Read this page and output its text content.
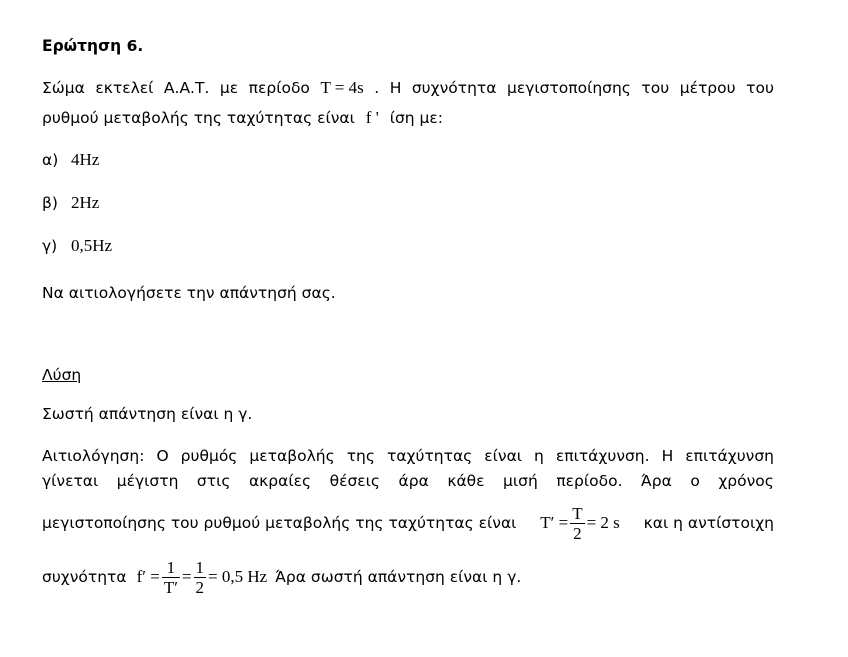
Ερώτηση 6.
Σώμα εκτελεί Α.Α.Τ. με περίοδο T = 4s . Η συχνότητα μεγιστοποίησης του μέτρου του
ρυθμού μεταβολής της ταχύτητας είναι f ' ίση με:
α) 4Hz
β) 2Hz
γ) 0,5Hz
Να αιτιολογήσετε την απάντησή σας.
Λύση
Σωστή απάντηση είναι η γ.
Αιτιολόγηση: Ο ρυθμός μεταβολής της ταχύτητας είναι η επιτάχυνση. Η επιτάχυνση
γίνεται μέγιστη στις ακραίες θέσεις άρα κάθε μισή περίοδο. Άρα ο χρόνος
μεγιστοποίησης του ρυθμού μεταβολής της ταχύτητας είναι $T' = \frac{T}{2} = 2$ s και η αντίστοιχη
συχνότητα $f' = \frac{1}{T'} = \frac{1}{2} = 0,5$ Hz Άρα σωστή απάντηση είναι η γ.
